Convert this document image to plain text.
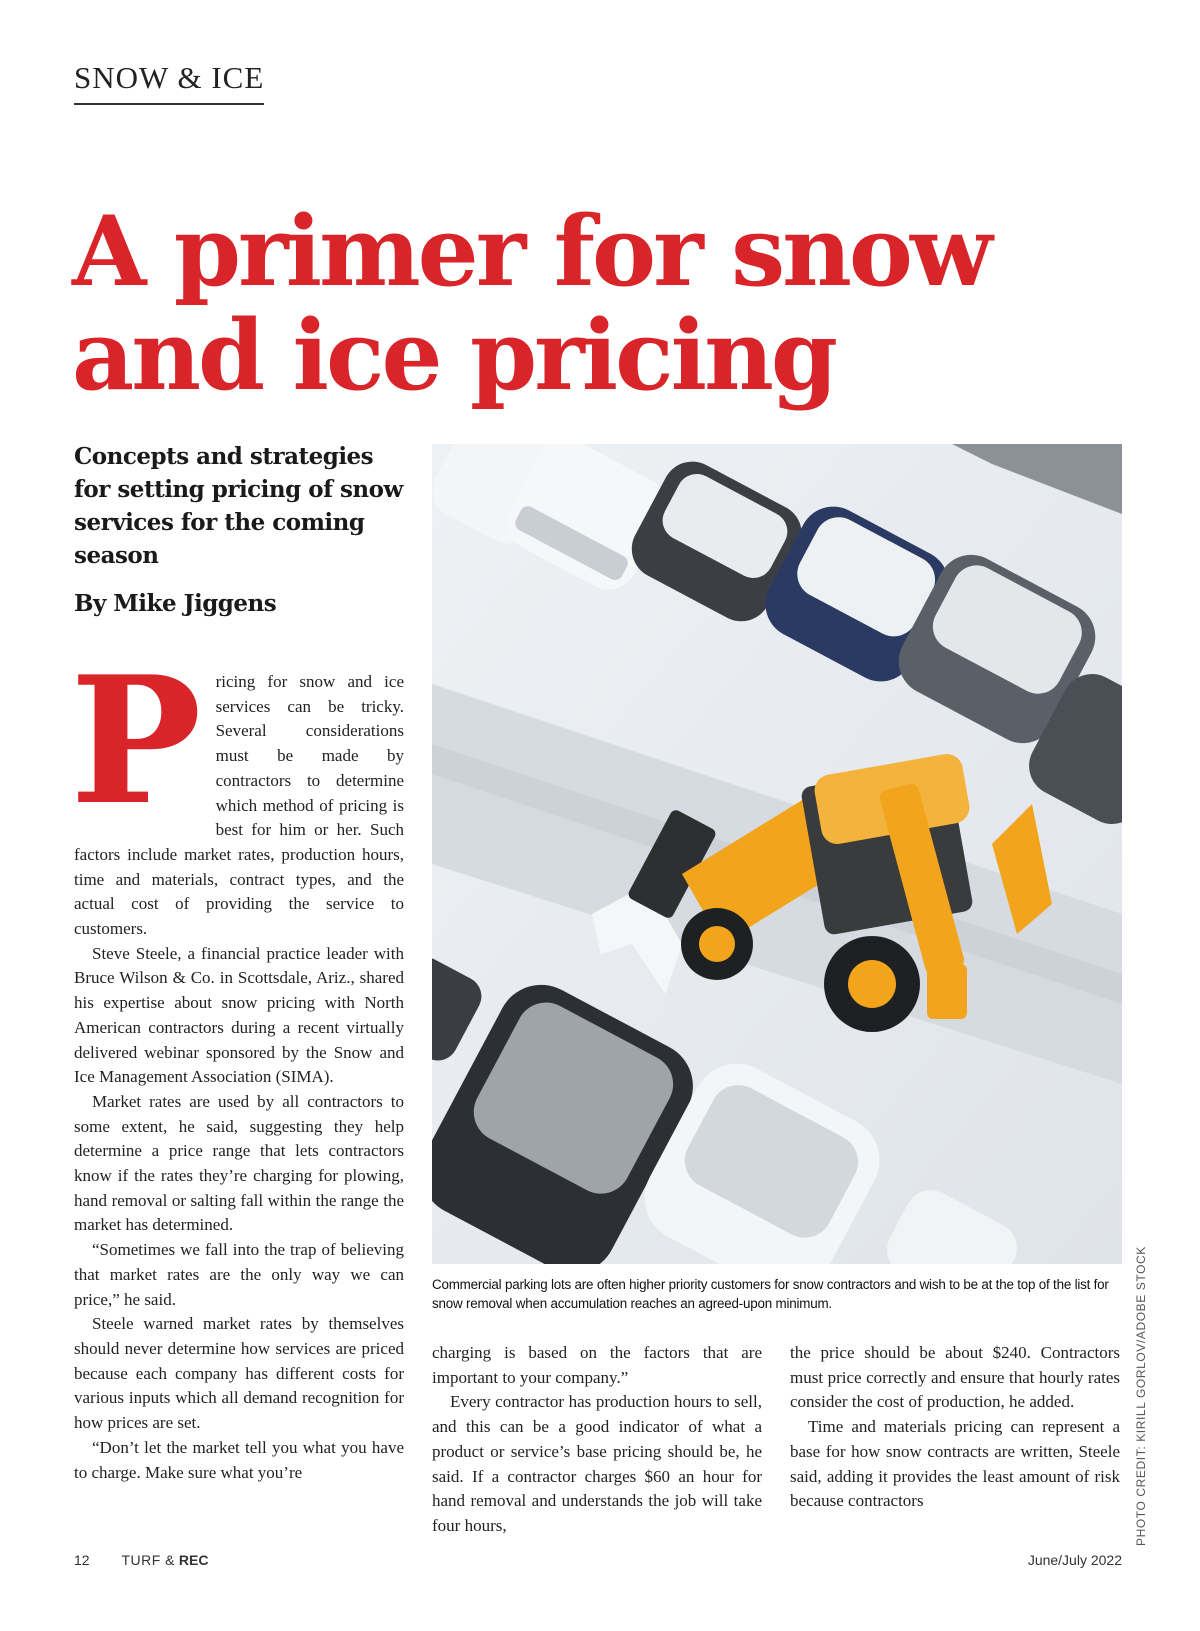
SNOW & ICE
A primer for snow and ice pricing
Concepts and strategies for setting pricing of snow services for the coming season
By Mike Jiggens

Pricing for snow and ice services can be tricky. Several considerations must be made by contractors to determine which method of pricing is best for him or her. Such factors include market rates, production hours, time and materials, contract types, and the actual cost of providing the service to customers.

Steve Steele, a financial practice leader with Bruce Wilson & Co. in Scottsdale, Ariz., shared his expertise about snow pricing with North American contractors during a recent virtually delivered webinar sponsored by the Snow and Ice Management Association (SIMA).

Market rates are used by all contractors to some extent, he said, suggesting they help determine a price range that lets contractors know if the rates they’re charging for plowing, hand removal or salting fall within the range the market has determined.

“Sometimes we fall into the trap of believing that market rates are the only way we can price,” he said.

Steele warned market rates by themselves should never determine how services are priced because each company has different costs for various inputs which all demand recognition for how prices are set.

“Don’t let the market tell you what you have to charge. Make sure what you’re

Commercial parking lots are often higher priority customers for snow contractors and wish to be at the top of the list for snow removal when accumulation reaches an agreed-upon minimum.	PHOTO CREDIT: KIRILL GORLOV/ADOBE STOCK

charging is based on the factors that are important to your company.”

Every contractor has production hours to sell, and this can be a good indicator of what a product or service’s base pricing should be, he said. If a contractor charges $60 an hour for hand removal and understands the job will take four hours,

the price should be about $240. Contractors must price correctly and ensure that hourly rates consider the cost of production, he added.

Time and materials pricing can represent a base for how snow contracts are written, Steele said, adding it provides the least amount of risk because contractors

12 TURF & REC	June/July 2022
